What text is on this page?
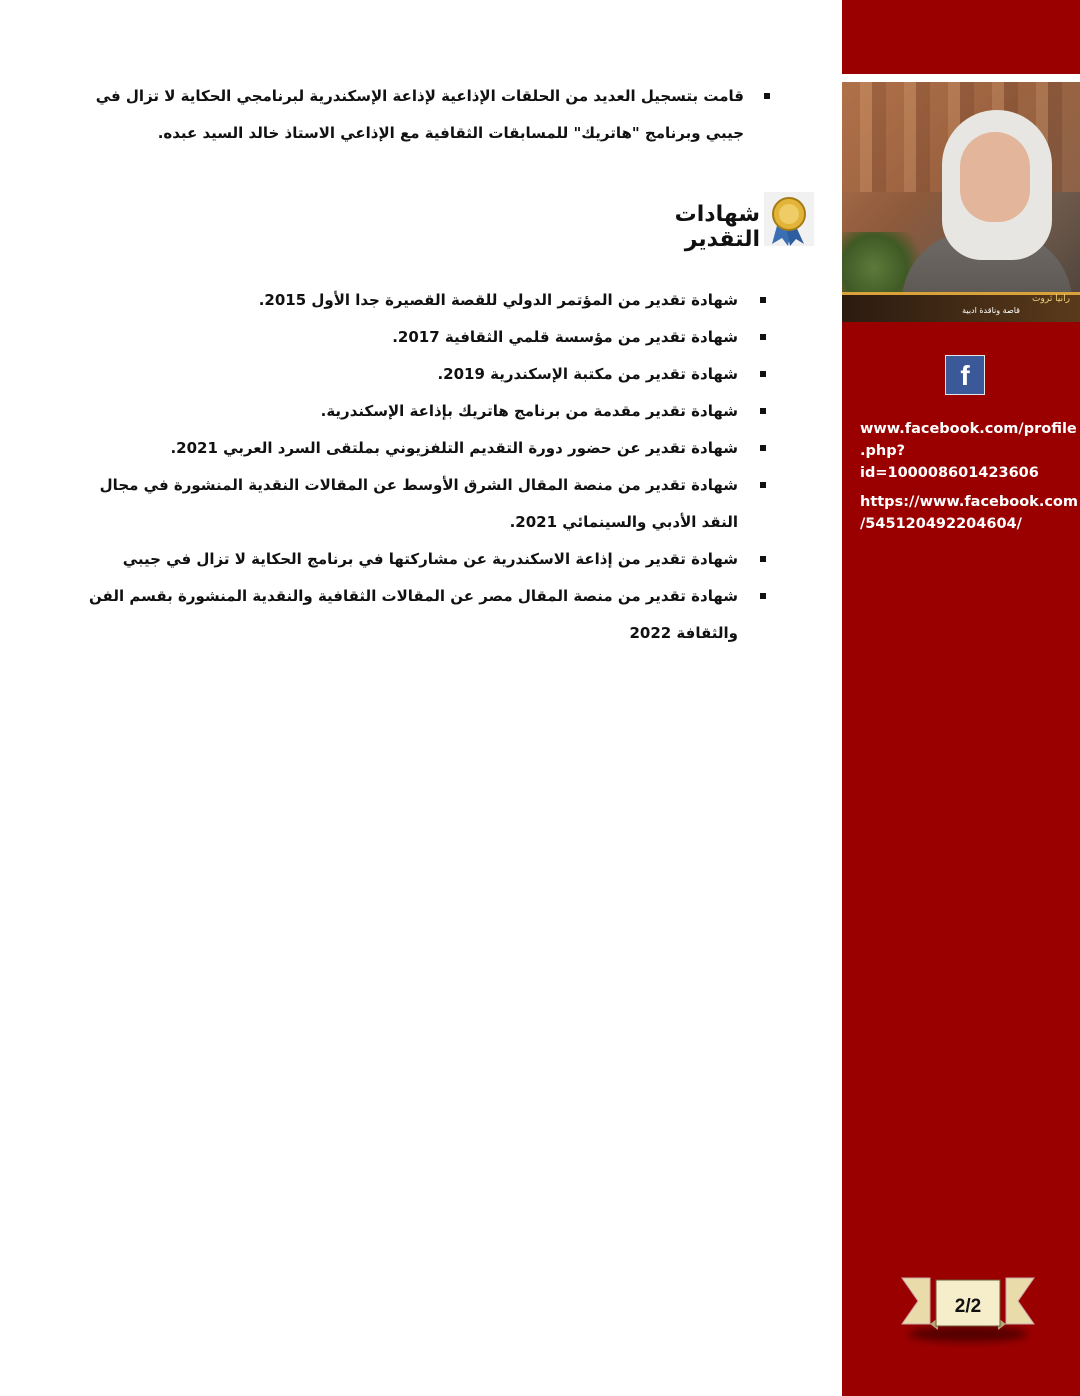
رانيا ثروت
قاصة وناقدة ادبية
f
www.facebook.com/profile
.php?id=100008601423606
https://www.facebook.com
/545120492204604/
2/2

قامت بتسجيل العديد من الحلقات الإذاعية لإذاعة الإسكندرية لبرنامجي الحكاية لا تزال في جيبي وبرنامج "هاتريك" للمسابقات الثقافية مع الإذاعي الاستاذ خالد السيد عبده.

شهادات التقدير
شهادة تقدير من المؤتمر الدولي للقصة القصيرة جدا الأول 2015.
شهادة تقدير من مؤسسة قلمي الثقافية 2017.
شهادة تقدير من مكتبة الإسكندرية 2019.
شهادة تقدير مقدمة من برنامج هاتريك بإذاعة الإسكندرية.
شهادة تقدير عن حضور دورة التقديم التلفزيوني بملتقى السرد العربي 2021.
شهادة تقدير من منصة المقال الشرق الأوسط عن المقالات النقدية المنشورة في مجال النقد الأدبي والسينمائي 2021.
شهادة تقدير من إذاعة الاسكندرية عن مشاركتها في برنامج الحكاية لا تزال في جيبي
شهادة تقدير من منصة المقال مصر عن المقالات الثقافية والنقدية المنشورة بقسم الفن والثقافة 2022
